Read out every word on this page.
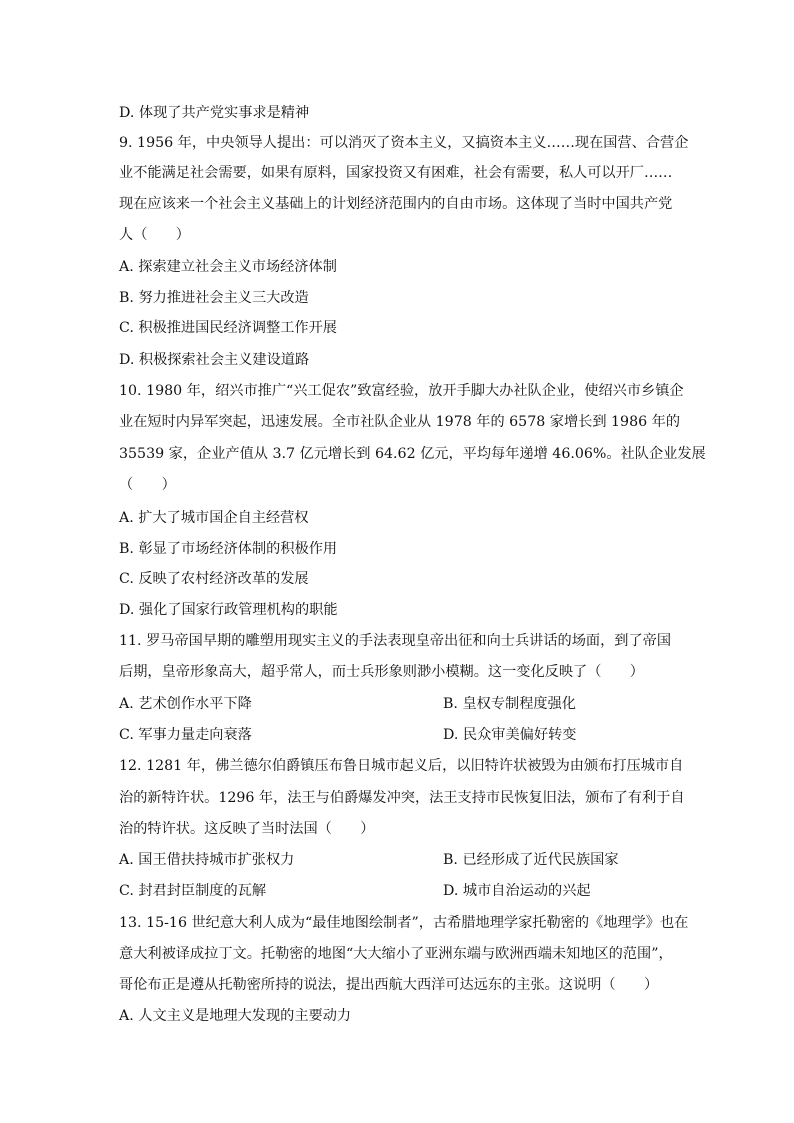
D. 体现了共产党实事求是精神
9. 1956 年，中央领导人提出：可以消灭了资本主义，又搞资本主义……现在国营、合营企
业不能满足社会需要，如果有原料，国家投资又有困难，社会有需要，私人可以开厂……
现在应该来一个社会主义基础上的计划经济范围内的自由市场。这体现了当时中国共产党
人（　　）
A. 探索建立社会主义市场经济体制
B. 努力推进社会主义三大改造
C. 积极推进国民经济调整工作开展
D. 积极探索社会主义建设道路
10. 1980 年，绍兴市推广“兴工促农”致富经验，放开手脚大办社队企业，使绍兴市乡镇企
业在短时内异军突起，迅速发展。全市社队企业从 1978 年的 6578 家增长到 1986 年的
35539 家，企业产值从 3.7 亿元增长到 64.62 亿元，平均每年递增 46.06%。社队企业发展
（　　）
A. 扩大了城市国企自主经营权
B. 彰显了市场经济体制的积极作用
C. 反映了农村经济改革的发展
D. 强化了国家行政管理机构的职能
11. 罗马帝国早期的雕塑用现实主义的手法表现皇帝出征和向士兵讲话的场面，到了帝国
后期，皇帝形象高大，超乎常人，而士兵形象则渺小模糊。这一变化反映了（　　）
A. 艺术创作水平下降	B. 皇权专制程度强化
C. 军事力量走向衰落	D. 民众审美偏好转变
12. 1281 年，佛兰德尔伯爵镇压布鲁日城市起义后，以旧特许状被毁为由颁布打压城市自
治的新特许状。1296 年，法王与伯爵爆发冲突，法王支持市民恢复旧法，颁布了有利于自
治的特许状。这反映了当时法国（　　）
A. 国王借扶持城市扩张权力	B. 已经形成了近代民族国家
C. 封君封臣制度的瓦解	D. 城市自治运动的兴起
13. 15-16 世纪意大利人成为“最佳地图绘制者”，古希腊地理学家托勒密的《地理学》也在
意大利被译成拉丁文。托勒密的地图“大大缩小了亚洲东端与欧洲西端未知地区的范围”，
哥伦布正是遵从托勒密所持的说法，提出西航大西洋可达远东的主张。这说明（　　）
A. 人文主义是地理大发现的主要动力
